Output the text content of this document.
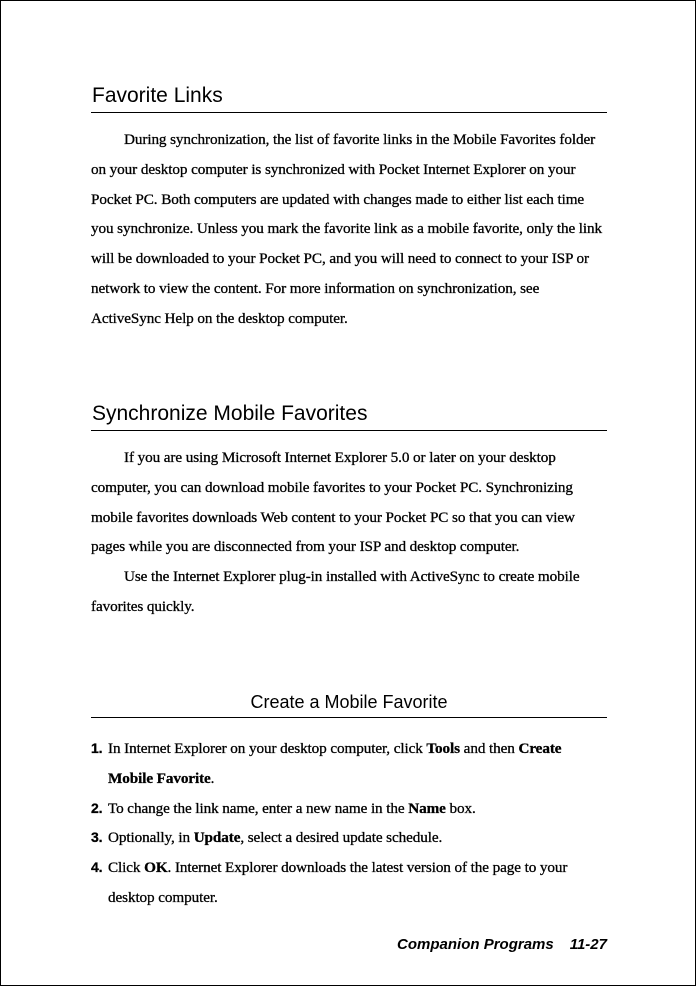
Favorite Links

During synchronization, the list of favorite links in the Mobile Favorites folder on your desktop computer is synchronized with Pocket Internet Explorer on your Pocket PC. Both computers are updated with changes made to either list each time you synchronize. Unless you mark the favorite link as a mobile favorite, only the link will be downloaded to your Pocket PC, and you will need to connect to your ISP or network to view the content. For more information on synchronization, see ActiveSync Help on the desktop computer.

Synchronize Mobile Favorites

If you are using Microsoft Internet Explorer 5.0 or later on your desktop computer, you can download mobile favorites to your Pocket PC. Synchronizing mobile favorites downloads Web content to your Pocket PC so that you can view pages while you are disconnected from your ISP and desktop computer.

Use the Internet Explorer plug-in installed with ActiveSync to create mobile favorites quickly.

Create a Mobile Favorite
1. In Internet Explorer on your desktop computer, click Tools and then Create Mobile Favorite.
2. To change the link name, enter a new name in the Name box.
3. Optionally, in Update, select a desired update schedule.
4. Click OK. Internet Explorer downloads the latest version of the page to your desktop computer.
Companion Programs 11-27
